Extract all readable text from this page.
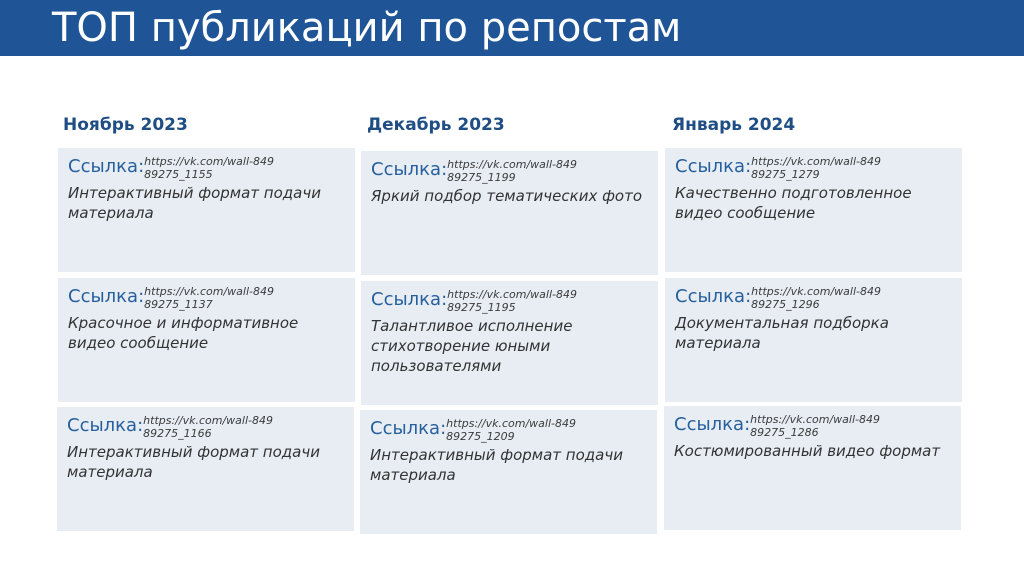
ТОП публикаций по репостам
Ноябрь 2023
Ссылка: https://vk.com/wall-84989275_1155
Интерактивный формат подачи материала
Ссылка: https://vk.com/wall-84989275_1137
Красочное и информативное видео сообщение
Ссылка: https://vk.com/wall-84989275_1166
Интерактивный формат подачи материала
Декабрь 2023
Ссылка: https://vk.com/wall-84989275_1199
Яркий подбор тематических фото
Ссылка: https://vk.com/wall-84989275_1195
Талантливое исполнение стихотворение юными пользователями
Ссылка: https://vk.com/wall-84989275_1209
Интерактивный формат подачи материала
Январь 2024
Ссылка: https://vk.com/wall-84989275_1279
Качественно подготовленное видео сообщение
Ссылка: https://vk.com/wall-84989275_1296
Документальная подборка материала
Ссылка: https://vk.com/wall-84989275_1286
Костюмированный видео формат
